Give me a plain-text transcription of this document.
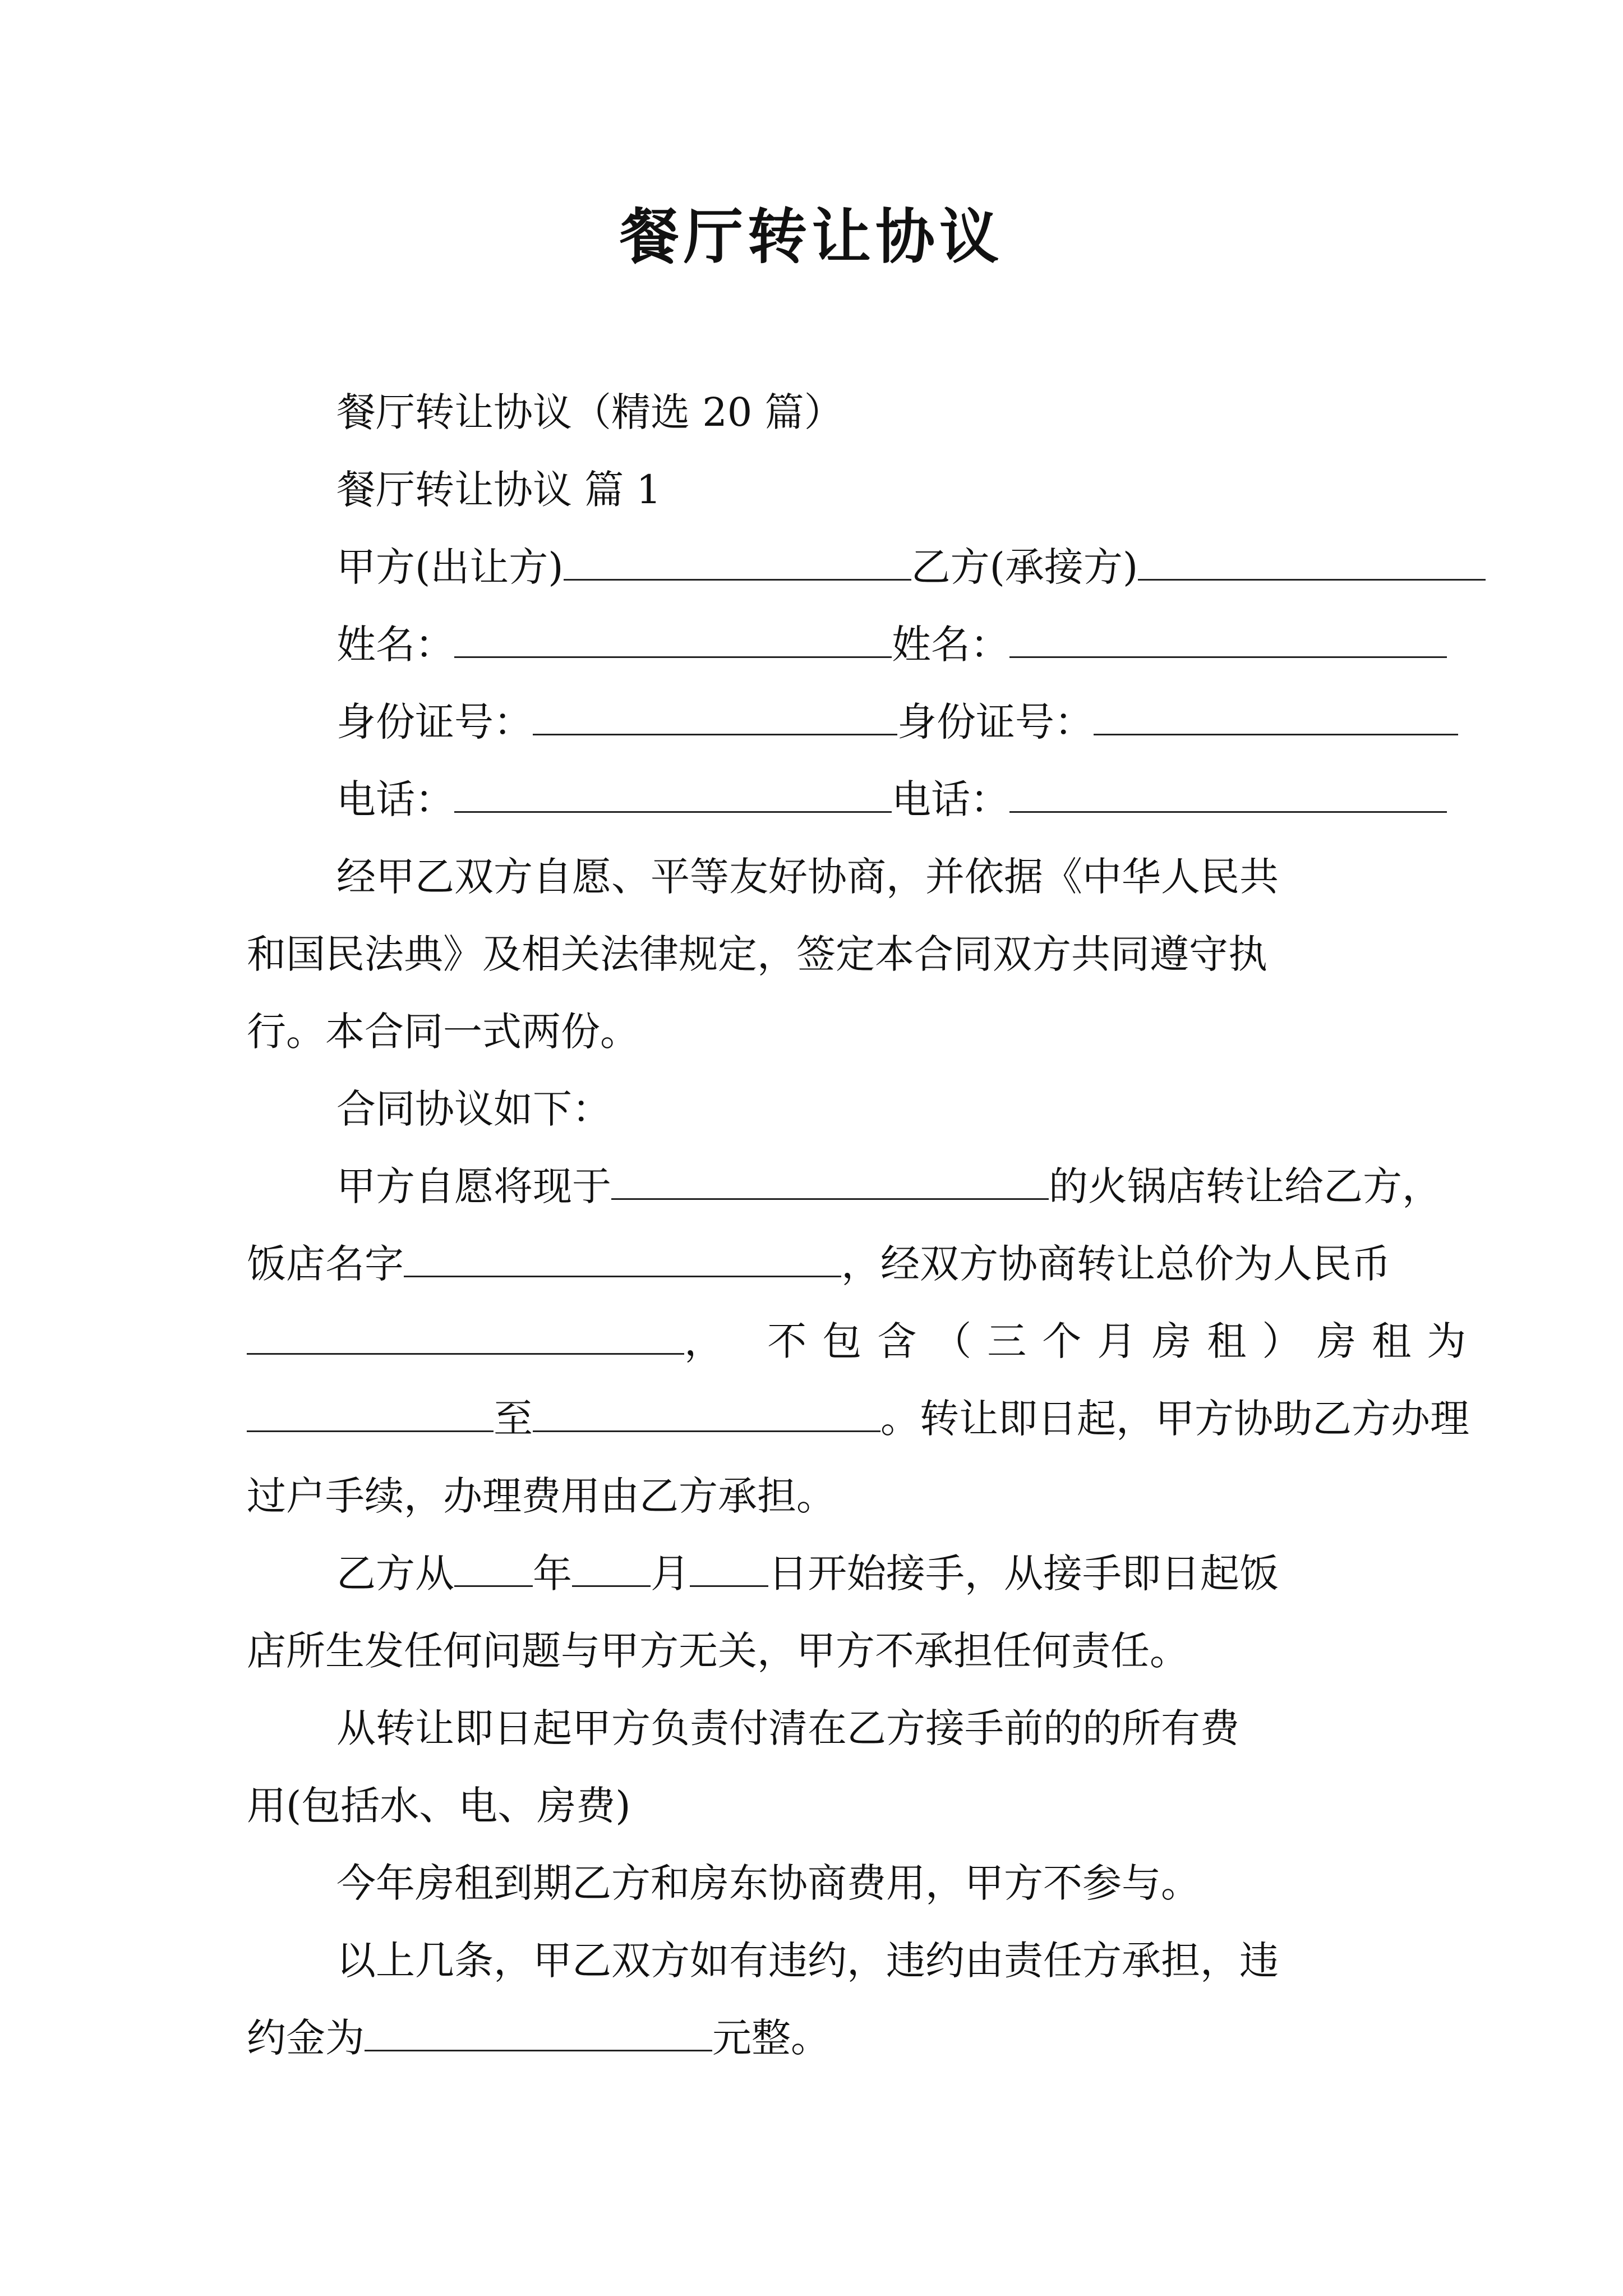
餐厅转让协议
餐厅转让协议（精选 20 篇）
餐厅转让协议 篇 1
甲方(出让方)	乙方(承接方)
姓名：	姓名：
身份证号：	身份证号：
电话：	电话：
经甲乙双方自愿、平等友好协商，并依据《中华人民共
和国民法典》及相关法律规定，签定本合同双方共同遵守执
行。本合同一式两份。
合同协议如下：
甲方自愿将现于	的火锅店转让给乙方，
饭店名字	，经双方协商转让总价为人民币
， 不包含（三个月房租）房租为
至	。转让即日起，甲方协助乙方办理
过户手续，办理费用由乙方承担。
乙方从 年 月 日开始接手，从接手即日起饭
店所生发任何问题与甲方无关，甲方不承担任何责任。
从转让即日起甲方负责付清在乙方接手前的的所有费
用(包括水、电、房费)
今年房租到期乙方和房东协商费用，甲方不参与。
以上几条，甲乙双方如有违约，违约由责任方承担，违
约金为	元整。
